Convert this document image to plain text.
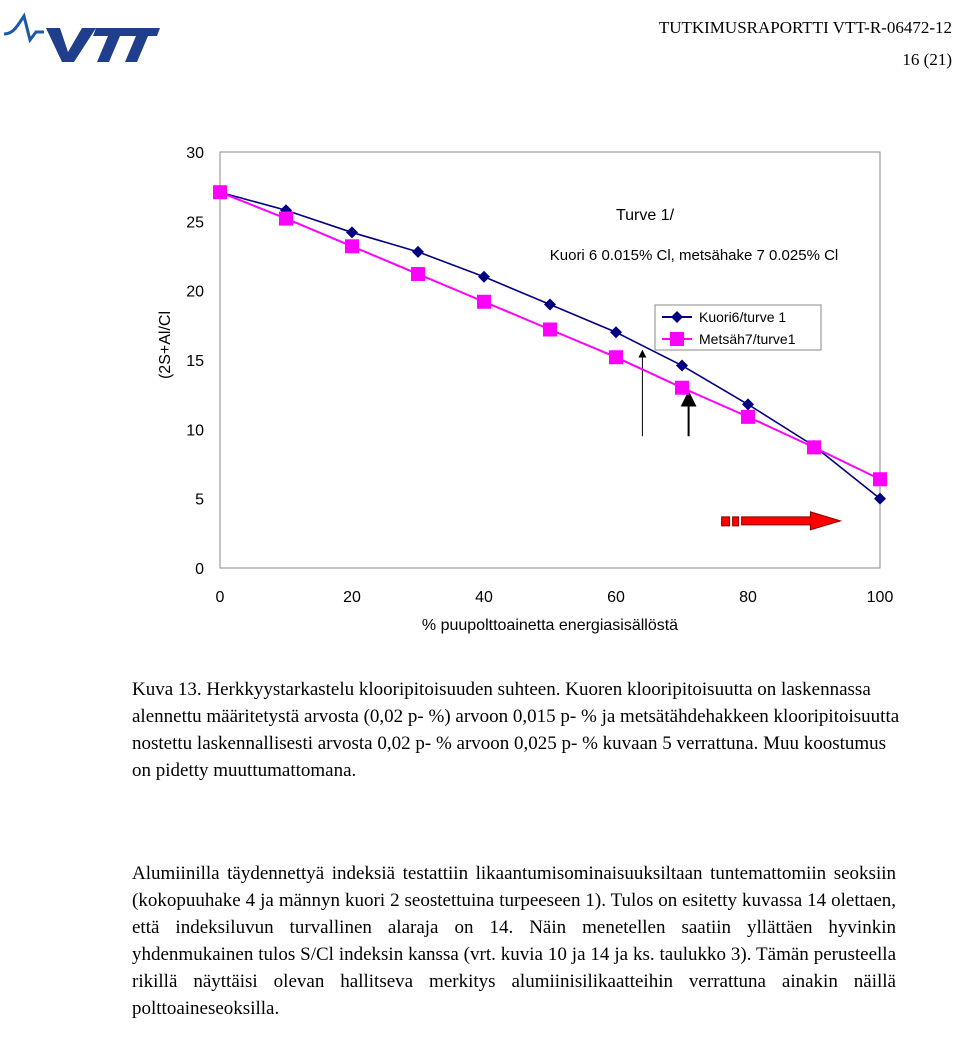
TUTKIMUSRAPORTTI VTT-R-06472-12
16 (21)
0
5
10
15
20
25
30
0	20	40	60	80	100
Turve 1/
Kuori 6 0.015% Cl, metsähake 7 0.025% Cl
% puupolttoainetta energiasisällöstä
(2S+Al/Cl	Kuori6/turve 1
Metsäh7/turve1

Kuva 13. Herkkyystarkastelu klooripitoisuuden suhteen. Kuoren klooripitoisuutta on laskennassa alennettu määritetystä arvosta (0,02 p- %) arvoon 0,015 p- % ja metsätähdehakkeen klooripitoisuutta nostettu laskennallisesti arvosta 0,02 p- % arvoon 0,025 p- % kuvaan 5 verrattuna. Muu koostumus on pidetty muuttumattomana.

Alumiinilla täydennettyä indeksiä testattiin likaantumisominaisuuksiltaan tuntemattomiin seoksiin (kokopuuhake 4 ja männyn kuori 2 seostettuina turpeeseen 1). Tulos on esitetty kuvassa 14 olettaen, että indeksiluvun turvallinen alaraja on 14. Näin menetellen saatiin yllättäen hyvinkin yhdenmukainen tulos S/Cl indeksin kanssa (vrt. kuvia 10 ja 14 ja ks. taulukko 3). Tämän perusteella rikillä näyttäisi olevan hallitseva merkitys alumiinisilikaatteihin verrattuna ainakin näillä polttoaineseoksilla.
